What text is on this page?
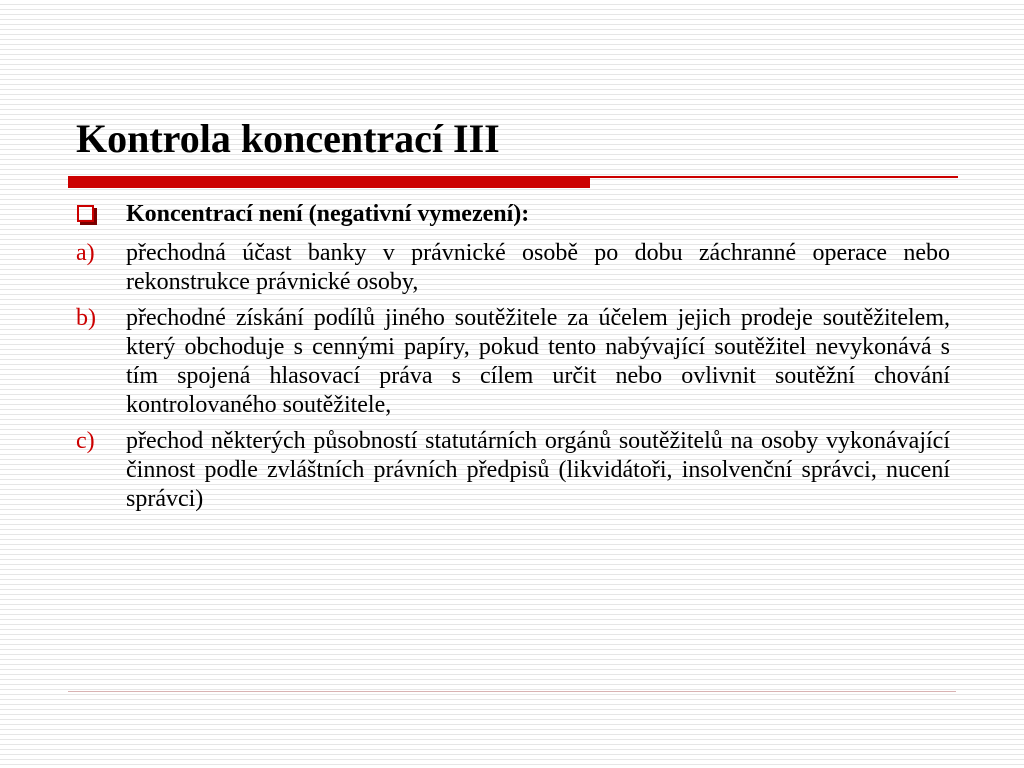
Kontrola koncentrací III
Koncentrací není (negativní vymezení):
a) přechodná účast banky v právnické osobě po dobu záchranné operace nebo rekonstrukce právnické osoby,
b) přechodné získání podílů jiného soutěžitele za účelem jejich prodeje soutěžitelem, který obchoduje s cennými papíry, pokud tento nabývající soutěžitel nevykonává s tím spojená hlasovací práva s cílem určit nebo ovlivnit soutěžní chování kontrolovaného soutěžitele,
c) přechod některých působností statutárních orgánů soutěžitelů na osoby vykonávající činnost podle zvláštních právních předpisů (likvidátoři, insolvenční správci, nucení správci)
